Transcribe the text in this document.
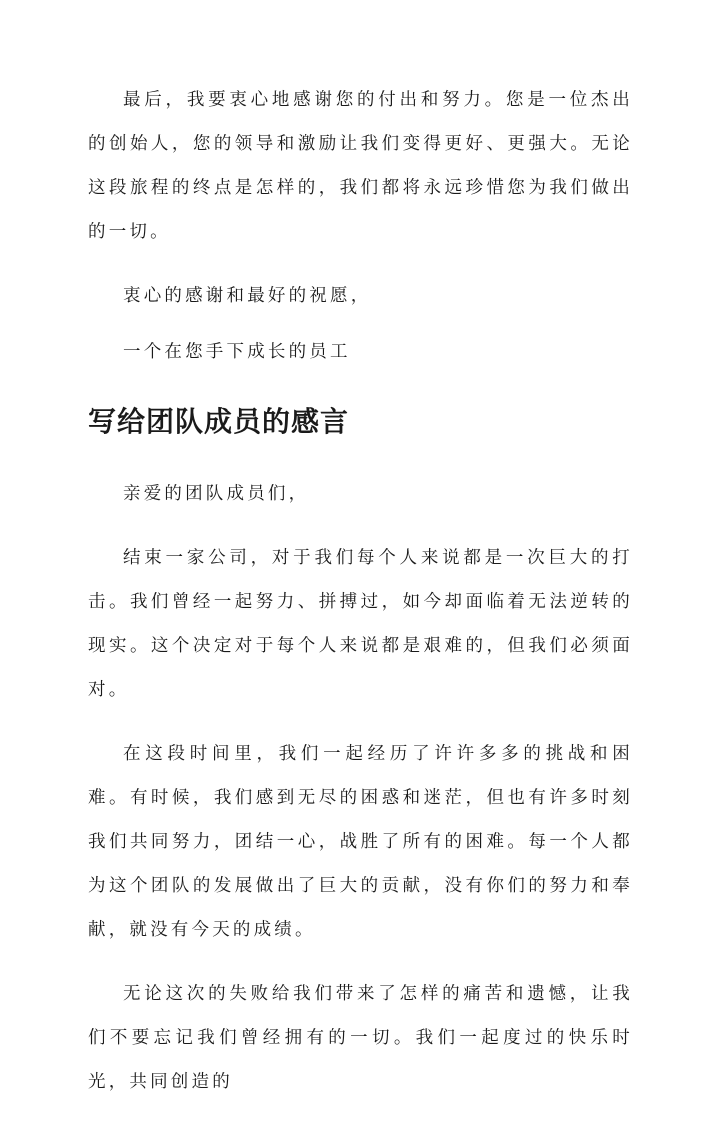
最后，我要衷心地感谢您的付出和努力。您是一位杰出的创始人，您的领导和激励让我们变得更好、更强大。无论这段旅程的终点是怎样的，我们都将永远珍惜您为我们做出的一切。

衷心的感谢和最好的祝愿，

一个在您手下成长的员工

写给团队成员的感言

亲爱的团队成员们，

结束一家公司，对于我们每个人来说都是一次巨大的打击。我们曾经一起努力、拼搏过，如今却面临着无法逆转的现实。这个决定对于每个人来说都是艰难的，但我们必须面对。

在这段时间里，我们一起经历了许许多多的挑战和困难。有时候，我们感到无尽的困惑和迷茫，但也有许多时刻我们共同努力，团结一心，战胜了所有的困难。每一个人都为这个团队的发展做出了巨大的贡献，没有你们的努力和奉献，就没有今天的成绩。

无论这次的失败给我们带来了怎样的痛苦和遗憾，让我们不要忘记我们曾经拥有的一切。我们一起度过的快乐时光，共同创造的
